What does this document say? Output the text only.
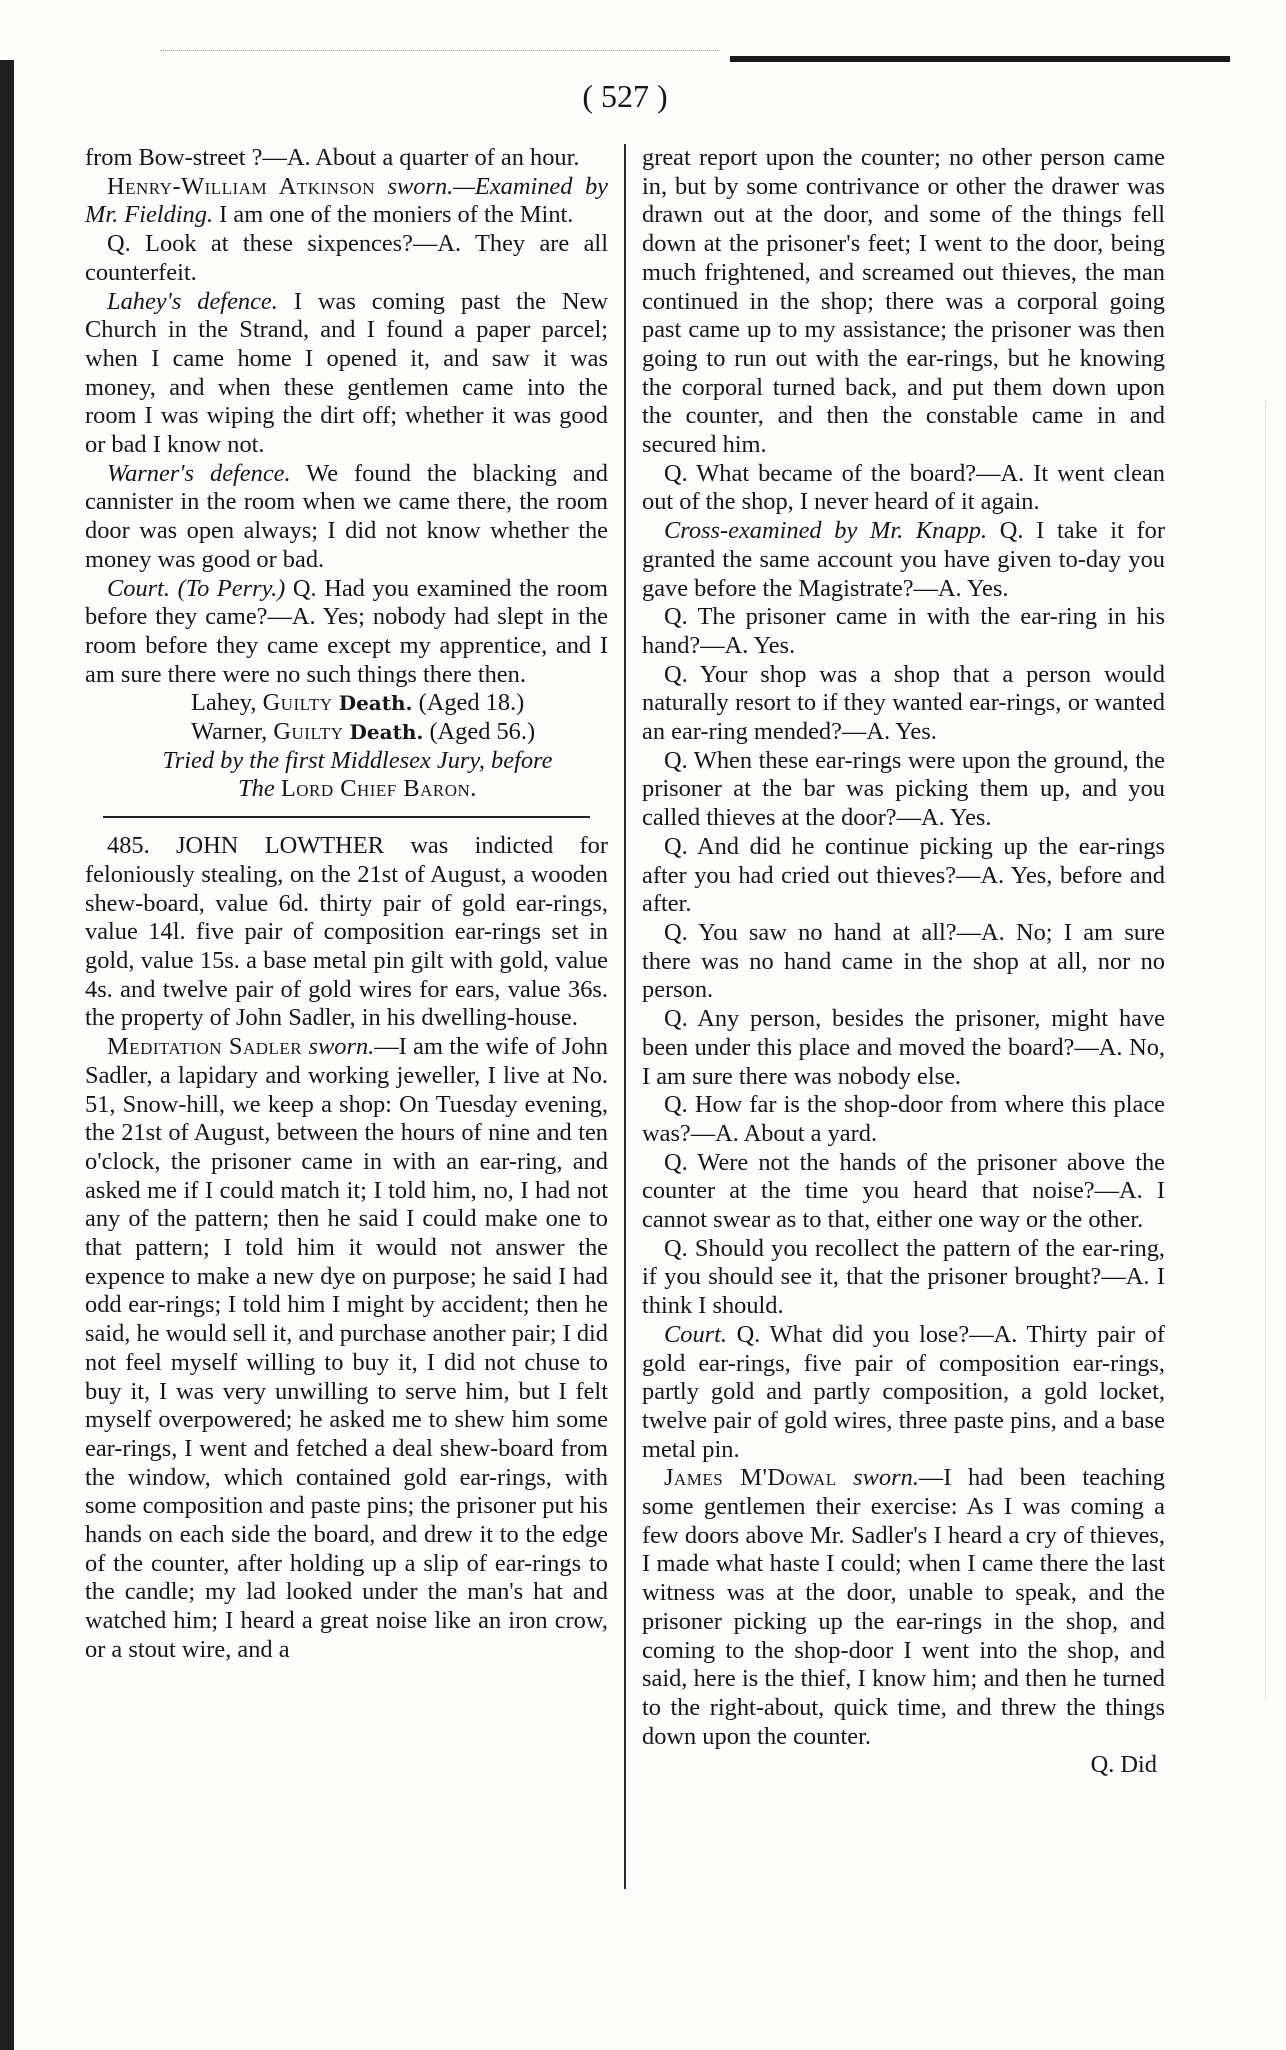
( 527 )

from Bow-street ?—A. About a quarter of an hour.

Henry-William Atkinson sworn.—Examined by Mr. Fielding. I am one of the moniers of the Mint.

Q. Look at these sixpences?—A. They are all counterfeit.

Lahey's defence. I was coming past the New Church in the Strand, and I found a paper parcel; when I came home I opened it, and saw it was money, and when these gentlemen came into the room I was wiping the dirt off; whether it was good or bad I know not.

Warner's defence. We found the blacking and cannister in the room when we came there, the room door was open always; I did not know whether the money was good or bad.

Court. (To Perry.) Q. Had you examined the room before they came?—A. Yes; nobody had slept in the room before they came except my apprentice, and I am sure there were no such things there then.

Lahey, Guilty Death. (Aged 18.)

Warner, Guilty Death. (Aged 56.)

Tried by the first Middlesex Jury, before

The Lord Chief Baron.

485. JOHN LOWTHER was indicted for feloniously stealing, on the 21st of August, a wooden shew-board, value 6d. thirty pair of gold ear-rings, value 14l. five pair of composition ear-rings set in gold, value 15s. a base metal pin gilt with gold, value 4s. and twelve pair of gold wires for ears, value 36s. the property of John Sadler, in his dwelling-house.

Meditation Sadler sworn.—I am the wife of John Sadler, a lapidary and working jeweller, I live at No. 51, Snow-hill, we keep a shop: On Tuesday evening, the 21st of August, between the hours of nine and ten o'clock, the prisoner came in with an ear-ring, and asked me if I could match it; I told him, no, I had not any of the pattern; then he said I could make one to that pattern; I told him it would not answer the expence to make a new dye on purpose; he said I had odd ear-rings; I told him I might by accident; then he said, he would sell it, and purchase another pair; I did not feel myself willing to buy it, I did not chuse to buy it, I was very unwilling to serve him, but I felt myself overpowered; he asked me to shew him some ear-rings, I went and fetched a deal shew-board from the window, which contained gold ear-rings, with some composition and paste pins; the prisoner put his hands on each side the board, and drew it to the edge of the counter, after holding up a slip of ear-rings to the candle; my lad looked under the man's hat and watched him; I heard a great noise like an iron crow, or a stout wire, and a

great report upon the counter; no other person came in, but by some contrivance or other the drawer was drawn out at the door, and some of the things fell down at the prisoner's feet; I went to the door, being much frightened, and screamed out thieves, the man continued in the shop; there was a corporal going past came up to my assistance; the prisoner was then going to run out with the ear-rings, but he knowing the corporal turned back, and put them down upon the counter, and then the constable came in and secured him.

Q. What became of the board?—A. It went clean out of the shop, I never heard of it again.

Cross-examined by Mr. Knapp. Q. I take it for granted the same account you have given to-day you gave before the Magistrate?—A. Yes.

Q. The prisoner came in with the ear-ring in his hand?—A. Yes.

Q. Your shop was a shop that a person would naturally resort to if they wanted ear-rings, or wanted an ear-ring mended?—A. Yes.

Q. When these ear-rings were upon the ground, the prisoner at the bar was picking them up, and you called thieves at the door?—A. Yes.

Q. And did he continue picking up the ear-rings after you had cried out thieves?—A. Yes, before and after.

Q. You saw no hand at all?—A. No; I am sure there was no hand came in the shop at all, nor no person.

Q. Any person, besides the prisoner, might have been under this place and moved the board?—A. No, I am sure there was nobody else.

Q. How far is the shop-door from where this place was?—A. About a yard.

Q. Were not the hands of the prisoner above the counter at the time you heard that noise?—A. I cannot swear as to that, either one way or the other.

Q. Should you recollect the pattern of the ear-ring, if you should see it, that the prisoner brought?—A. I think I should.

Court. Q. What did you lose?—A. Thirty pair of gold ear-rings, five pair of composition ear-rings, partly gold and partly composition, a gold locket, twelve pair of gold wires, three paste pins, and a base metal pin.

James M'Dowal sworn.—I had been teaching some gentlemen their exercise: As I was coming a few doors above Mr. Sadler's I heard a cry of thieves, I made what haste I could; when I came there the last witness was at the door, unable to speak, and the prisoner picking up the ear-rings in the shop, and coming to the shop-door I went into the shop, and said, here is the thief, I know him; and then he turned to the right-about, quick time, and threw the things down upon the counter.

Q. Did
